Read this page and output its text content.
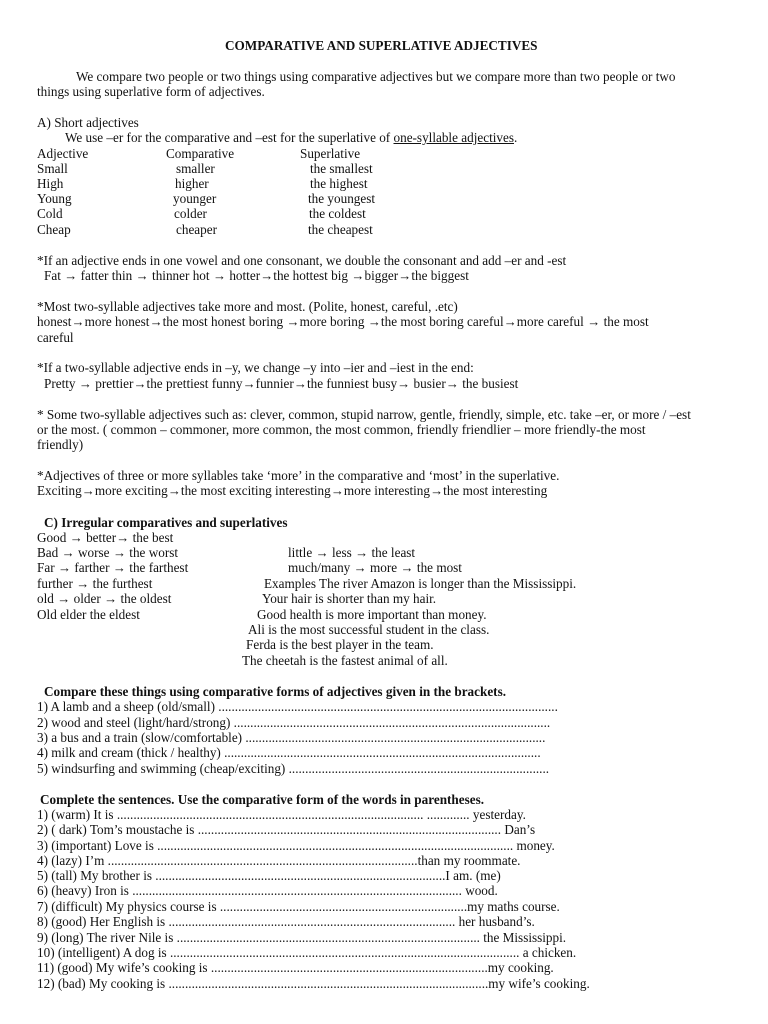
COMPARATIVE AND SUPERLATIVE ADJECTIVES
We compare two people or two things using comparative adjectives but we compare more than two people or two
things using superlative form of adjectives.
A) Short adjectives
We use –er for the comparative and –est for the superlative of one-syllable adjectives.
Adjective	Comparative	Superlative
Small	smaller	the smallest
High	higher	the highest
Young	younger	the youngest
Cold	colder	the coldest
Cheap	cheaper	the cheapest
*If an adjective ends in one vowel and one consonant, we double the consonant and add –er and -est
Fat → fatter thin → thinner hot → hotter→the hottest big →bigger→the biggest
*Most two-syllable adjectives take more and most. (Polite, honest, careful, .etc)
honest→more honest→the most honest boring →more boring →the most boring careful→more careful → the most
careful
*If a two-syllable adjective ends in –y, we change –y into –ier and –iest in the end:
Pretty → prettier→the prettiest funny→funnier→the funniest busy→ busier→ the busiest
* Some two-syllable adjectives such as: clever, common, stupid narrow, gentle, friendly, simple, etc. take –er, or more / –est
or the most. ( common – commoner, more common, the most common, friendly friendlier – more friendly-the most
friendly)
*Adjectives of three or more syllables take ‘more’ in the comparative and ‘most’ in the superlative.
Exciting→more exciting→the most exciting interesting→more interesting→the most interesting
C) Irregular comparatives and superlatives
Good → better→ the best
Bad → worse → the worst
Far → farther → the farthest
further → the furthest
old → older → the oldest
Old elder the eldest
little → less → the least
much/many → more → the most
Examples The river Amazon is longer than the Mississippi.
Your hair is shorter than my hair.
Good health is more important than money.
Ali is the most successful student in the class.
Ferda is the best player in the team.
The cheetah is the fastest animal of all.
Compare these things using comparative forms of adjectives given in the brackets.
1) A lamb and a sheep (old/small) .......................................................................................................
2) wood and steel (light/hard/strong) ................................................................................................
3) a bus and a train (slow/comfortable) ...........................................................................................
4) milk and cream (thick / healthy) ................................................................................................
5) windsurfing and swimming (cheap/exciting) ...............................................................................
Complete the sentences. Use the comparative form of the words in parentheses.
1) (warm) It is ............................................................................................. ............. yesterday.
2) ( dark) Tom’s moustache is ............................................................................................ Dan’s
3) (important) Love is ............................................................................................................ money.
4) (lazy) I’m ..............................................................................................than my roommate.
5) (tall) My brother is ........................................................................................I am. (me)
6) (heavy) Iron is .................................................................................................... wood.
7) (difficult) My physics course is ...........................................................................my maths course.
8) (good) Her English is ....................................................................................... her husband’s.
9) (long) The river Nile is ............................................................................................ the Mississippi.
10) (intelligent) A dog is .......................................................................................................... a chicken.
11) (good) My wife’s cooking is ....................................................................................my cooking.
12) (bad) My cooking is .................................................................................................my wife’s cooking.
